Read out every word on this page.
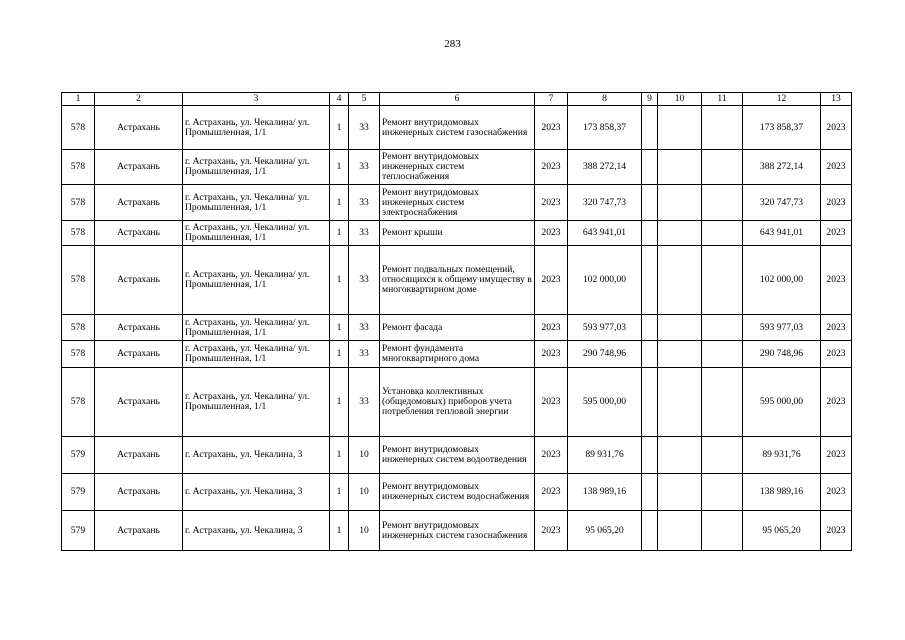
283
1	2	3	4	5	6	7	8	9	10	11	12	13
578	Астрахань	г. Астрахань, ул. Чекалина/ ул. Промышленная, 1/1	1	33	Ремонт внутридомовых инженерных систем газоснабжения	2023	173 858,37				173 858,37	2023
578	Астрахань	г. Астрахань, ул. Чекалина/ ул. Промышленная, 1/1	1	33	Ремонт внутридомовых инженерных систем теплоснабжения	2023	388 272,14				388 272,14	2023
578	Астрахань	г. Астрахань, ул. Чекалина/ ул. Промышленная, 1/1	1	33	Ремонт внутридомовых инженерных систем электроснабжения	2023	320 747,73				320 747,73	2023
578	Астрахань	г. Астрахань, ул. Чекалина/ ул. Промышленная, 1/1	1	33	Ремонт крыши	2023	643 941,01				643 941,01	2023
578	Астрахань	г. Астрахань, ул. Чекалина/ ул. Промышленная, 1/1	1	33	Ремонт подвальных помещений, относящихся к общему имуществу в многоквартирном доме	2023	102 000,00				102 000,00	2023
578	Астрахань	г. Астрахань, ул. Чекалина/ ул. Промышленная, 1/1	1	33	Ремонт фасада	2023	593 977,03				593 977,03	2023
578	Астрахань	г. Астрахань, ул. Чекалина/ ул. Промышленная, 1/1	1	33	Ремонт фундамента многоквартирного дома	2023	290 748,96				290 748,96	2023
578	Астрахань	г. Астрахань, ул. Чекалина/ ул. Промышленная, 1/1	1	33	Установка коллективных (общедомовых) приборов учета потребления тепловой энергии	2023	595 000,00				595 000,00	2023
579	Астрахань	г. Астрахань, ул. Чекалина, 3	1	10	Ремонт внутридомовых инженерных систем водоотведения	2023	89 931,76				89 931,76	2023
579	Астрахань	г. Астрахань, ул. Чекалина, 3	1	10	Ремонт внутридомовых инженерных систем водоснабжения	2023	138 989,16				138 989,16	2023
579	Астрахань	г. Астрахань, ул. Чекалина, 3	1	10	Ремонт внутридомовых инженерных систем газоснабжения	2023	95 065,20				95 065,20	2023
